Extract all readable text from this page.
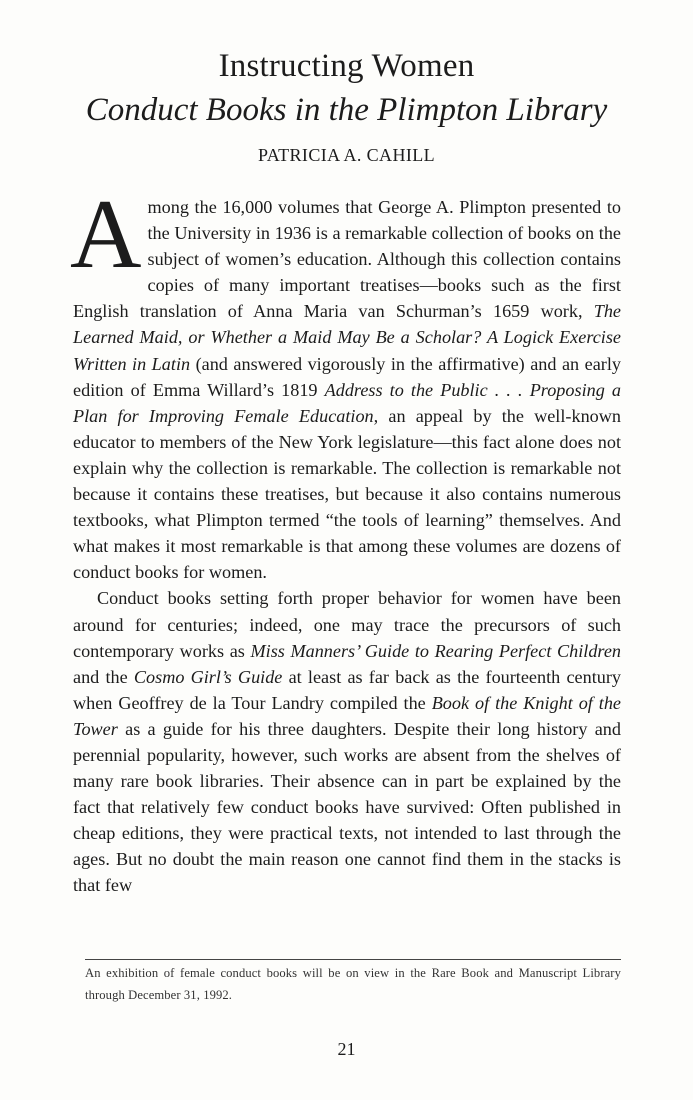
Instructing Women
Conduct Books in the Plimpton Library
PATRICIA A. CAHILL

Among the 16,000 volumes that George A. Plimpton presented to the University in 1936 is a remarkable collection of books on the subject of women’s education. Although this collection contains copies of many important treatises—books such as the first English translation of Anna Maria van Schurman’s 1659 work, The Learned Maid, or Whether a Maid May Be a Scholar? A Logick Exercise Written in Latin (and answered vigorously in the affirmative) and an early edition of Emma Willard’s 1819 Address to the Public . . . Proposing a Plan for Improving Female Education, an appeal by the well-known educator to members of the New York legislature—this fact alone does not explain why the collection is remarkable. The collection is remarkable not because it contains these treatises, but because it also contains numerous textbooks, what Plimpton termed “the tools of learning” themselves. And what makes it most remarkable is that among these volumes are dozens of conduct books for women.

Conduct books setting forth proper behavior for women have been around for centuries; indeed, one may trace the precursors of such contemporary works as Miss Manners’ Guide to Rearing Perfect Children and the Cosmo Girl’s Guide at least as far back as the fourteenth century when Geoffrey de la Tour Landry compiled the Book of the Knight of the Tower as a guide for his three daughters. Despite their long history and perennial popularity, however, such works are absent from the shelves of many rare book libraries. Their absence can in part be explained by the fact that relatively few conduct books have survived: Often published in cheap editions, they were practical texts, not intended to last through the ages. But no doubt the main reason one cannot find them in the stacks is that few

An exhibition of female conduct books will be on view in the Rare Book and Manuscript Library through December 31, 1992.
21
